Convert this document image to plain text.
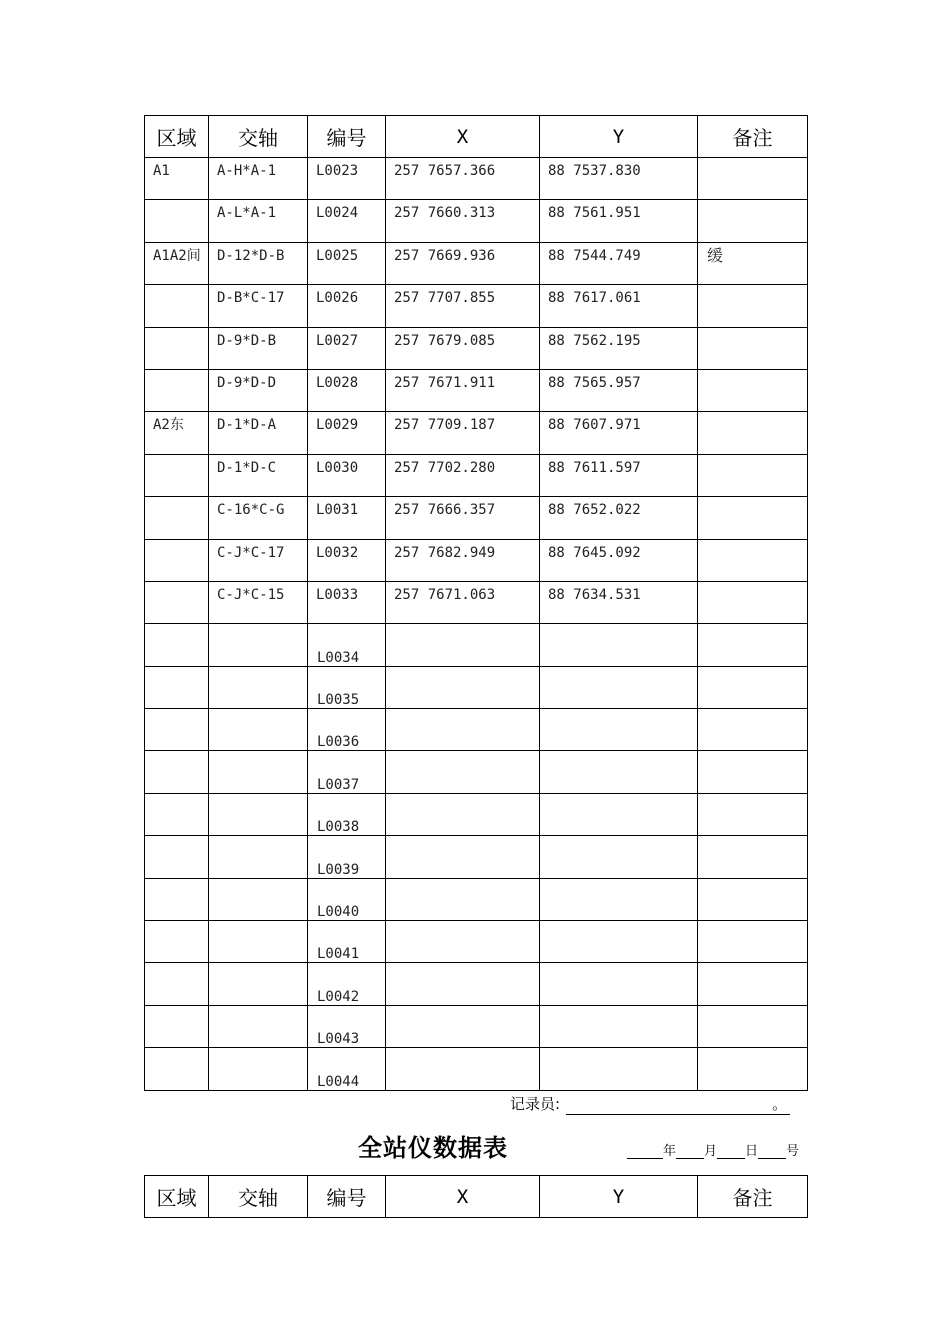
区域	交轴	编号	X	Y	备注
A1	A-H*A-1	L0023	257 7657.366	88 7537.830	
	A-L*A-1	L0024	257 7660.313	88 7561.951	
A1A2间	D-12*D-B	L0025	257 7669.936	88 7544.749	缓
	D-B*C-17	L0026	257 7707.855	88 7617.061	
	D-9*D-B	L0027	257 7679.085	88 7562.195	
	D-9*D-D	L0028	257 7671.911	88 7565.957	
A2东	D-1*D-A	L0029	257 7709.187	88 7607.971	
	D-1*D-C	L0030	257 7702.280	88 7611.597	
	C-16*C-G	L0031	257 7666.357	88 7652.022	
	C-J*C-17	L0032	257 7682.949	88 7645.092	
	C-J*C-15	L0033	257 7671.063	88 7634.531	
		L0034			
		L0035			
		L0036			
		L0037			
		L0038			
		L0039			
		L0040			
		L0041			
		L0042			
		L0043			
		L0044			
记录员:	。
全站仪数据表	年 月 日 号
区域	交轴	编号	X	Y	备注
